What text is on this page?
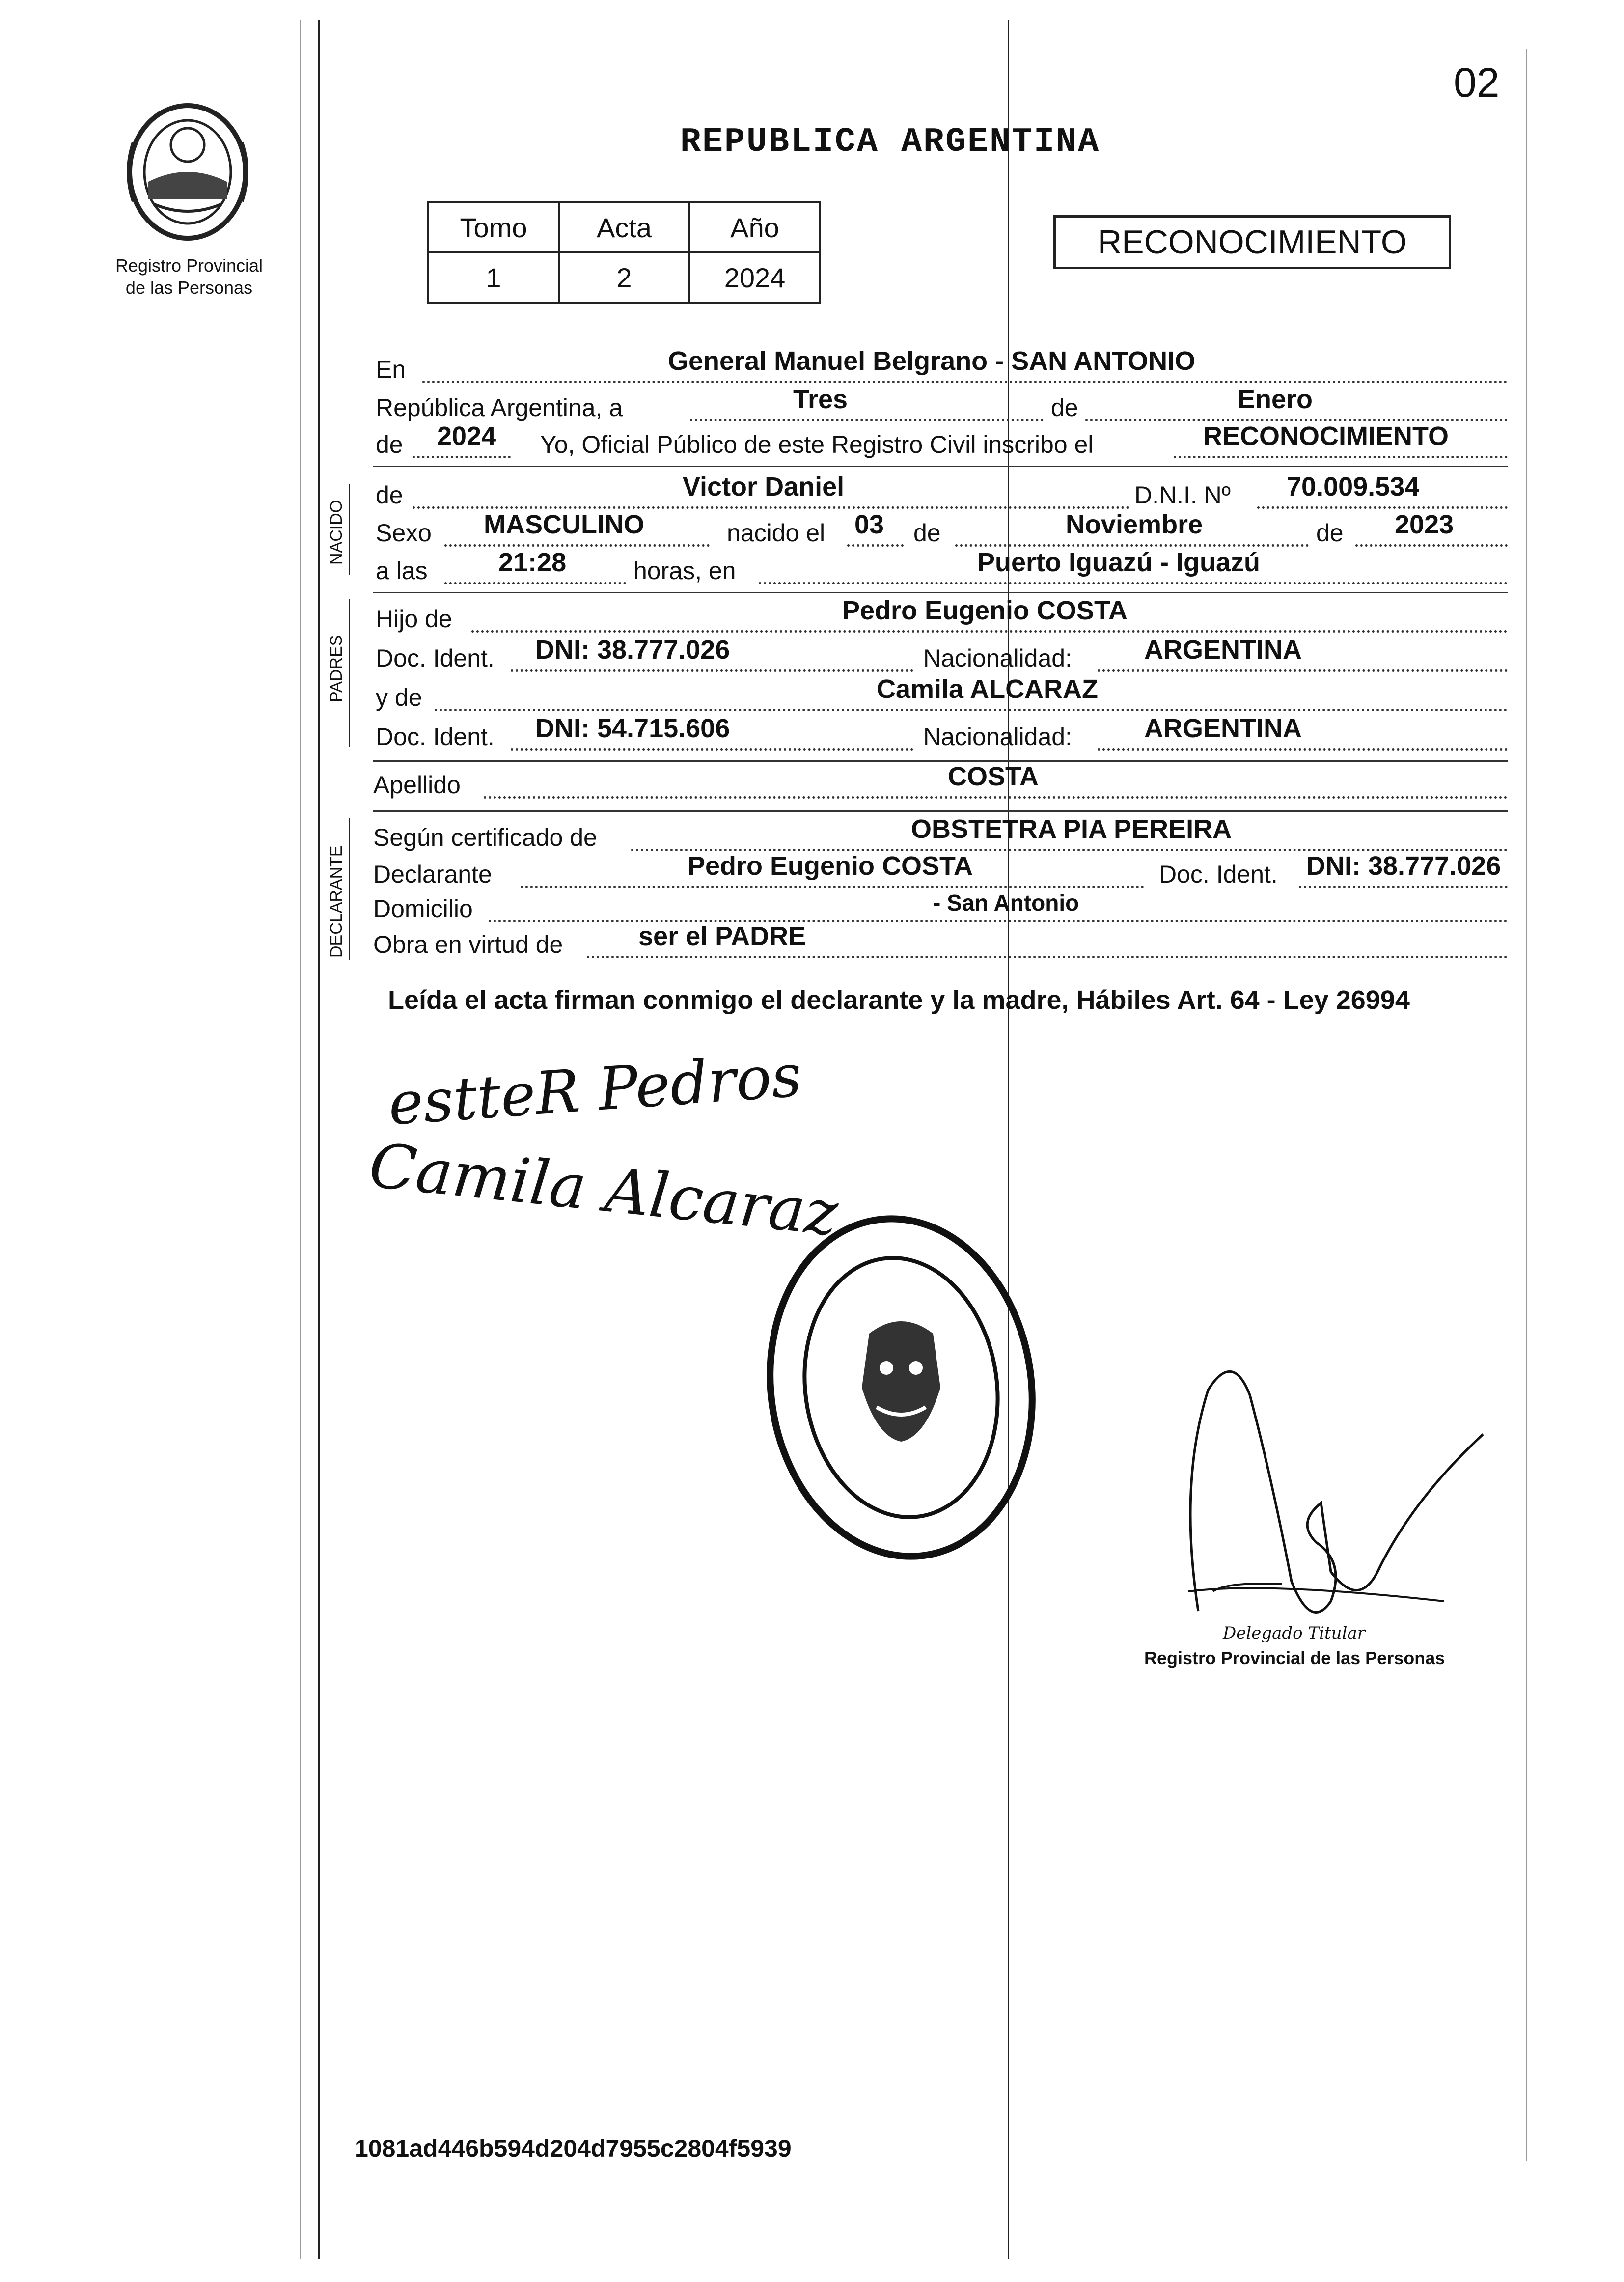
02
Registro Provincial
de las Personas
REPUBLICA ARGENTINA
Tomo	Acta	Año
1	2	2024
RECONOCIMIENTO
NACIDO
PADRES
DECLARANTE
En	General Manuel Belgrano - SAN ANTONIO
República Argentina, a	Tres	de	Enero
de 2024 Yo, Oficial Público de este Registro Civil inscribo el	RECONOCIMIENTO
de	Victor Daniel	D.N.I. Nº 70.009.534
Sexo MASCULINO	nacido el 03 de	Noviembre	de 2023
a las	21:28	horas, en	Puerto Iguazú - Iguazú
Hijo de	Pedro Eugenio COSTA
Doc. Ident. DNI: 38.777.026	Nacionalidad:	ARGENTINA
y de	Camila ALCARAZ
Doc. Ident. DNI: 54.715.606	Nacionalidad:	ARGENTINA
Apellido	COSTA
Según certificado de	OBSTETRA PIA PEREIRA
Declarante	Pedro Eugenio COSTA	Doc. Ident. DNI: 38.777.026
Domicilio	- San Antonio
Obra en virtud de	ser el PADRE
Leída el acta firman conmigo el declarante y la madre, Hábiles Art. 64 - Ley 26994
estteR Pedros
Camila Alcaraz
Delegado Titular
Registro Provincial de las Personas
1081ad446b594d204d7955c2804f5939
